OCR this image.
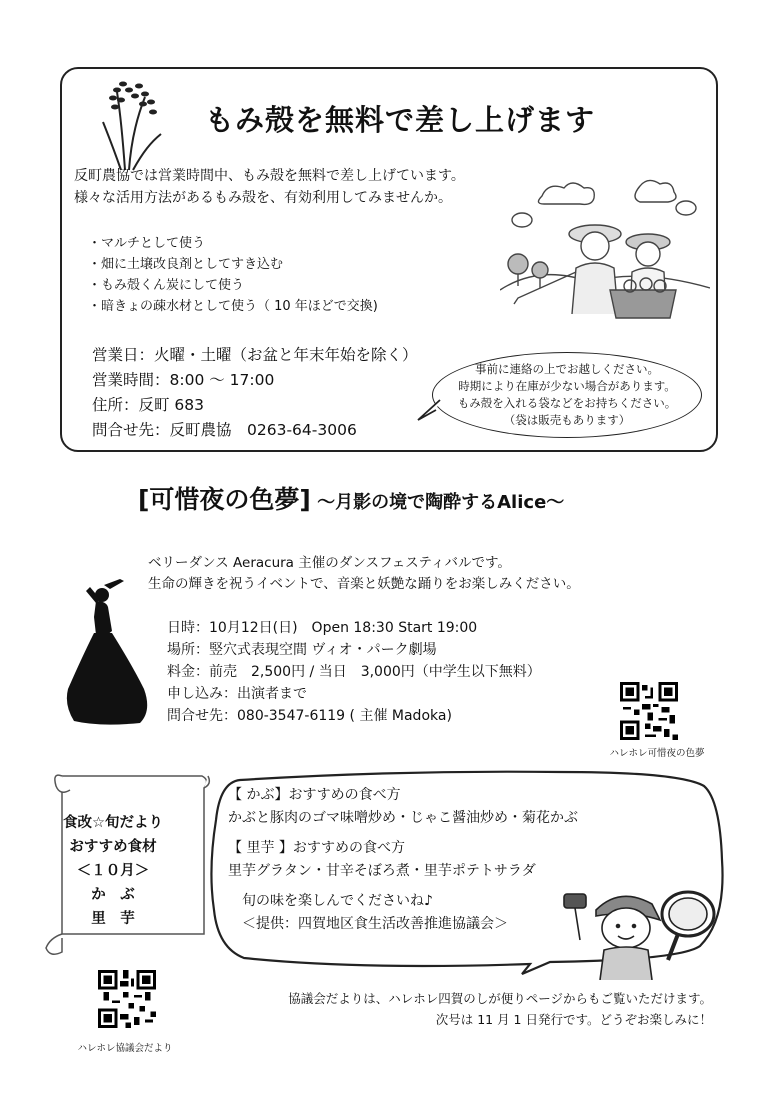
もみ殻を無料で差し上げます
反町農協では営業時間中、もみ殻を無料で差し上げています。
様々な活用方法があるもみ殻を、有効利用してみませんか。
・マルチとして使う
・畑に土壌改良剤としてすき込む
・もみ殻くん炭にして使う
・暗きょの疎水材として使う（ 10 年ほどで交換)
営業日：火曜・土曜（お盆と年末年始を除く）
営業時間：8:00 〜 17:00
住所：反町 683
問合せ先：反町農協　0263-64-3006
事前に連絡の上でお越しください。
時期により在庫が少ない場合があります。
もみ殻を入れる袋などをお持ちください。
（袋は販売もあります）
[可惜夜の色夢] 〜月影の境で陶酔するAlice〜
ベリーダンス Aeracura 主催のダンスフェスティバルです。
生命の輝きを祝うイベントで、音楽と妖艶な踊りをお楽しみください。
日時：10月12日(日)　Open 18:30 Start 19:00
場所：竪穴式表現空間 ヴィオ・パーク劇場
料金：前売　2,500円 / 当日　3,000円（中学生以下無料）
申し込み：出演者まで
問合せ先：080-3547-6119 ( 主催 Madoka)
ハレホレ可惜夜の色夢
食改☆旬だより
おすすめ食材
＜１０月＞
か　ぶ
里　芋
【 かぶ】おすすめの食べ方
かぶと豚肉のゴマ味噌炒め・じゃこ醤油炒め・菊花かぶ
【 里芋 】おすすめの食べ方
里芋グラタン・甘辛そぼろ煮・里芋ポテトサラダ
　旬の味を楽しんでくださいね♪
　＜提供：四賀地区食生活改善推進協議会＞
ハレホレ協議会だより
協議会だよりは、ハレホレ四賀のしが便りページからもご覧いただけます。
次号は 11 月 1 日発行です。どうぞお楽しみに！
